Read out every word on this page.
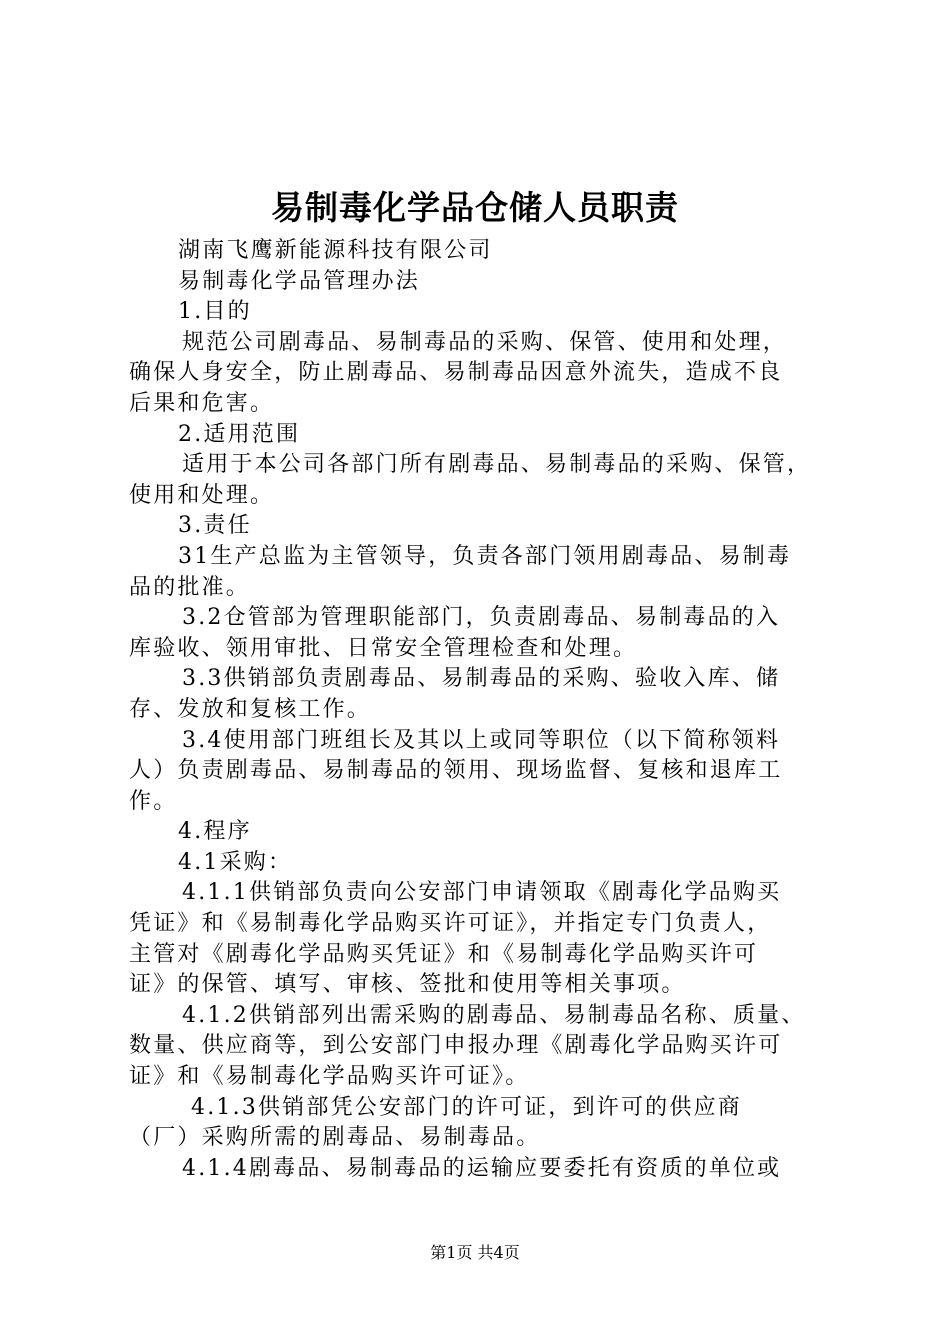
易制毒化学品仓储人员职责
湖南飞鹰新能源科技有限公司
易制毒化学品管理办法
1.目的
规范公司剧毒品、易制毒品的采购、保管、使用和处理，
确保人身安全，防止剧毒品、易制毒品因意外流失，造成不良
后果和危害。
2.适用范围
适用于本公司各部门所有剧毒品、易制毒品的采购、保管，
使用和处理。
3.责任
31生产总监为主管领导，负责各部门领用剧毒品、易制毒
品的批准。
3.2仓管部为管理职能部门，负责剧毒品、易制毒品的入
库验收、领用审批、日常安全管理检查和处理。
3.3供销部负责剧毒品、易制毒品的采购、验收入库、储
存、发放和复核工作。
3.4使用部门班组长及其以上或同等职位（以下简称领料
人）负责剧毒品、易制毒品的领用、现场监督、复核和退库工
作。
4.程序
4.1采购：
4.1.1供销部负责向公安部门申请领取《剧毒化学品购买
凭证》和《易制毒化学品购买许可证》，并指定专门负责人，
主管对《剧毒化学品购买凭证》和《易制毒化学品购买许可
证》的保管、填写、审核、签批和使用等相关事项。
4.1.2供销部列出需采购的剧毒品、易制毒品名称、质量、
数量、供应商等，到公安部门申报办理《剧毒化学品购买许可
证》和《易制毒化学品购买许可证》。
4.1.3供销部凭公安部门的许可证，到许可的供应商
（厂）采购所需的剧毒品、易制毒品。
4.1.4剧毒品、易制毒品的运输应要委托有资质的单位或
第1页 共4页
